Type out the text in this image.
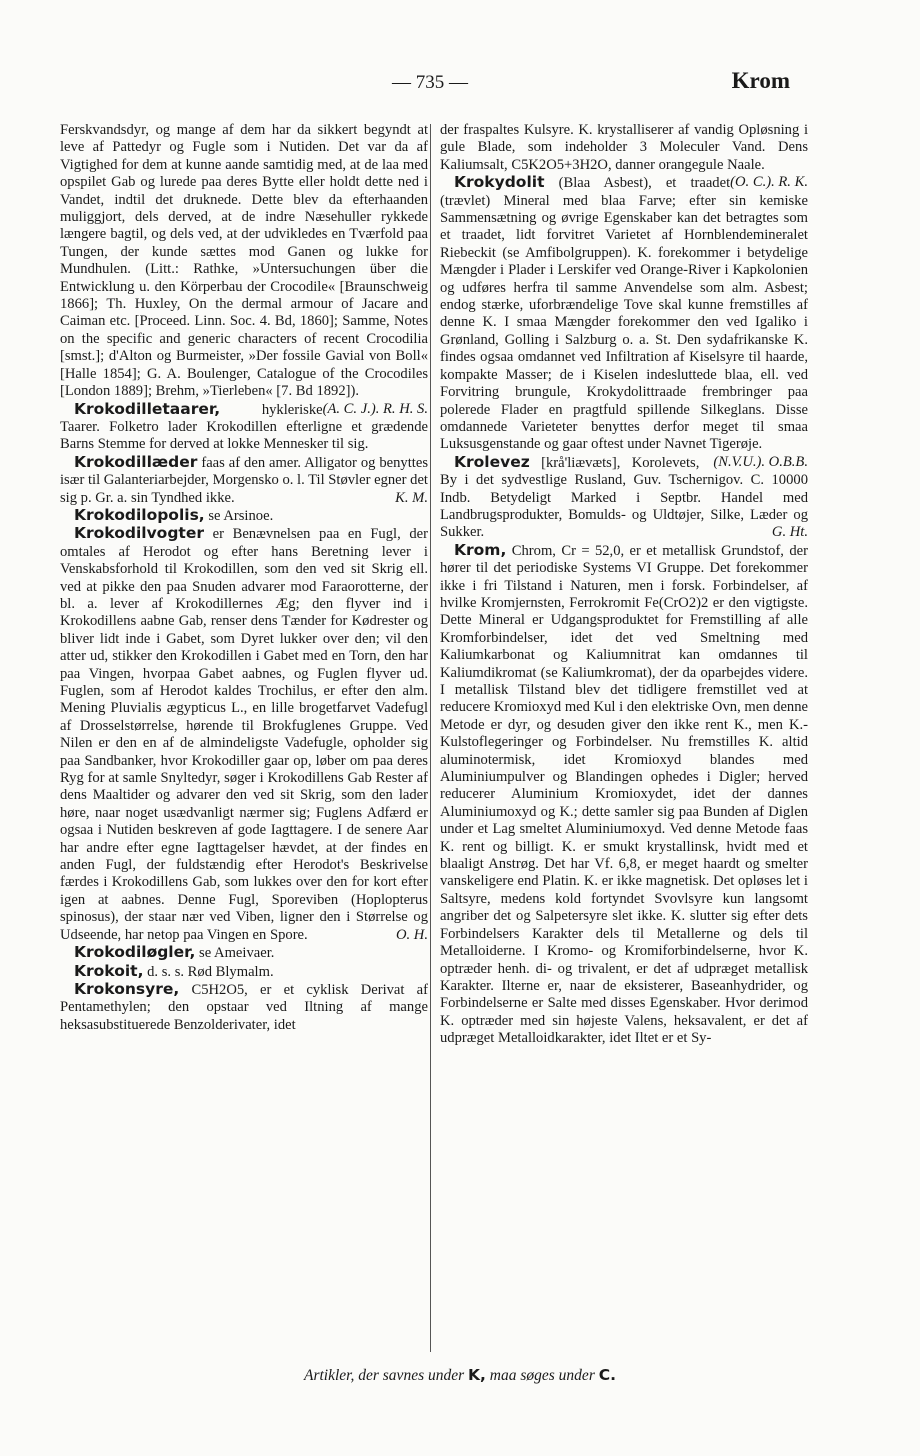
— 735 —	Krom

Ferskvandsdyr, og mange af dem har da sikkert begyndt at leve af Pattedyr og Fugle som i Nutiden. Det var da af Vigtighed for dem at kunne aande samtidig med, at de laa med opspilet Gab og lurede paa deres Bytte eller holdt dette ned i Vandet, indtil det druknede. Dette blev da efterhaanden muliggjort, dels derved, at de indre Næsehuller rykkede længere bagtil, og dels ved, at der udvikledes en Tværfold paa Tungen, der kunde sættes mod Ganen og lukke for Mundhulen. (Litt.: Rathke, »Untersuchungen über die Entwicklung u. den Körperbau der Crocodile« [Braunschweig 1866]; Th. Huxley, On the dermal armour of Jacare and Caiman etc. [Proceed. Linn. Soc. 4. Bd, 1860]; Samme, Notes on the specific and generic characters of recent Crocodilia [smst.]; d'Alton og Burmeister, »Der fossile Gavial von Boll« [Halle 1854]; G. A. Boulenger, Catalogue of the Crocodiles [London 1889]; Brehm, »Tierleben« [7. Bd 1892]).
(A. C. J.). R. H. S.

Krokodilletaarer,	hykleriske Taarer. Folketro lader Krokodillen efterligne et grædende Barns Stemme for derved at lokke Mennesker til sig.

Krokodillæder faas af den amer. Alligator og benyttes især til Galanteriarbejder, Morgensko o. l. Til Støvler egner det sig p. Gr. a. sin Tyndhed ikke.	K. M.

Krokodilopolis, se Arsinoe.

Krokodilvogter er Benævnelsen paa en Fugl, der omtales af Herodot og efter hans Beretning lever i Venskabsforhold til Krokodillen, som den ved sit Skrig ell. ved at pikke den paa Snuden advarer mod Faraorotterne, der bl. a. lever af Krokodillernes Æg; den flyver ind i Krokodillens aabne Gab, renser dens Tænder for Kødrester og bliver lidt inde i Gabet, som Dyret lukker over den; vil den atter ud, stikker den Krokodillen i Gabet med en Torn, den har paa Vingen, hvorpaa Gabet aabnes, og Fuglen flyver ud. Fuglen, som af Herodot kaldes Trochilus, er efter den alm. Mening Pluvialis ægypticus L., en lille brogetfarvet Vadefugl af Drosselstørrelse, hørende til Brokfuglenes Gruppe. Ved Nilen er den en af de almindeligste Vadefugle, opholder sig paa Sandbanker, hvor Krokodiller gaar op, løber om paa deres Ryg for at samle Snyltedyr, søger i Krokodillens Gab Rester af dens Maaltider og advarer den ved sit Skrig, som den lader høre, naar noget usædvanligt nærmer sig; Fuglens Adfærd er ogsaa i Nutiden beskreven af gode Iagttagere. I de senere Aar har andre efter egne Iagttagelser hævdet, at der findes en anden Fugl, der fuldstændig efter Herodot's Beskrivelse færdes i Krokodillens Gab, som lukkes over den for kort efter igen at aabnes. Denne Fugl, Sporeviben (Hoplopterus spinosus), der staar nær ved Viben, ligner den i Størrelse og Udseende, har netop paa Vingen en Spore.	O. H.

Krokodiløgler, se Ameivaer.

Krokoit, d. s. s. Rød Blymalm.

Krokonsyre, C5H2O5, er et cyklisk Derivat af Pentamethylen; den opstaar ved Iltning af mange heksasubstituerede Benzolderivater, idet

der fraspaltes Kulsyre. K. krystalliserer af vandig Opløsning i gule Blade, som indeholder 3 Moleculer Vand. Dens Kaliumsalt, C5K2O5+3H2O, danner orangegule Naale.
(O. C.). R. K.

Krokydolit (Blaa Asbest), et traadet (trævlet) Mineral med blaa Farve; efter sin kemiske Sammensætning og øvrige Egenskaber kan det betragtes som et traadet, lidt forvitret Varietet af Hornblendemineralet Riebeckit (se Amfibolgruppen). K. forekommer i betydelige Mængder i Plader i Lerskifer ved Orange-River i Kapkolonien og udføres herfra til samme Anvendelse som alm. Asbest; endog stærke, uforbrændelige Tove skal kunne fremstilles af denne K. I smaa Mængder forekommer den ved Igaliko i Grønland, Golling i Salzburg o. a. St. Den sydafrikanske K. findes ogsaa omdannet ved Infiltration af Kiselsyre til haarde, kompakte Masser; de i Kiselen indesluttede blaa, ell. ved Forvitring brungule, Krokydolittraade frembringer paa polerede Flader en pragtfuld spillende Silkeglans. Disse omdannede Varieteter benyttes derfor meget til smaa Luksusgenstande og gaar oftest under Navnet Tigerøje.
(N.V.U.). O.B.B.

Krolevez [krå'liævæts], Korolevets, By i det sydvestlige Rusland, Guv. Tschernigov. C. 10000 Indb. Betydeligt Marked i Septbr. Handel med Landbrugsprodukter, Bomulds- og Uldtøjer, Silke, Læder og Sukker.	G. Ht.

Krom, Chrom, Cr = 52,0, er et metallisk Grundstof, der hører til det periodiske Systems VI Gruppe. Det forekommer ikke i fri Tilstand i Naturen, men i forsk. Forbindelser, af hvilke Kromjernsten, Ferrokromit Fe(CrO2)2 er den vigtigste. Dette Mineral er Udgangsproduktet for Fremstilling af alle Kromforbindelser, idet det ved Smeltning med Kaliumkarbonat og Kaliumnitrat kan omdannes til Kaliumdikromat (se Kaliumkromat), der da oparbejdes videre. I metallisk Tilstand blev det tidligere fremstillet ved at reducere Kromioxyd med Kul i den elektriske Ovn, men denne Metode er dyr, og desuden giver den ikke rent K., men K.-Kulstoflegeringer og Forbindelser. Nu fremstilles K. altid aluminotermisk, idet Kromioxyd blandes med Aluminiumpulver og Blandingen ophedes i Digler; herved reducerer Aluminium Kromioxydet, idet der dannes Aluminiumoxyd og K.; dette samler sig paa Bunden af Diglen under et Lag smeltet Aluminiumoxyd. Ved denne Metode faas K. rent og billigt. K. er smukt krystallinsk, hvidt med et blaaligt Anstrøg. Det har Vf. 6,8, er meget haardt og smelter vanskeligere end Platin. K. er ikke magnetisk. Det opløses let i Saltsyre, medens kold fortyndet Svovlsyre kun langsomt angriber det og Salpetersyre slet ikke. K. slutter sig efter dets Forbindelsers Karakter dels til Metallerne og dels til Metalloiderne. I Kromo- og Kromiforbindelserne, hvor K. optræder henh. di- og trivalent, er det af udpræget metallisk Karakter. Ilterne er, naar de eksisterer, Baseanhydrider, og Forbindelserne er Salte med disses Egenskaber. Hvor derimod K. optræder med sin højeste Valens, heksavalent, er det af udpræget Metalloidkarakter, idet Iltet er et Sy-

Artikler, der savnes under K, maa søges under C.
